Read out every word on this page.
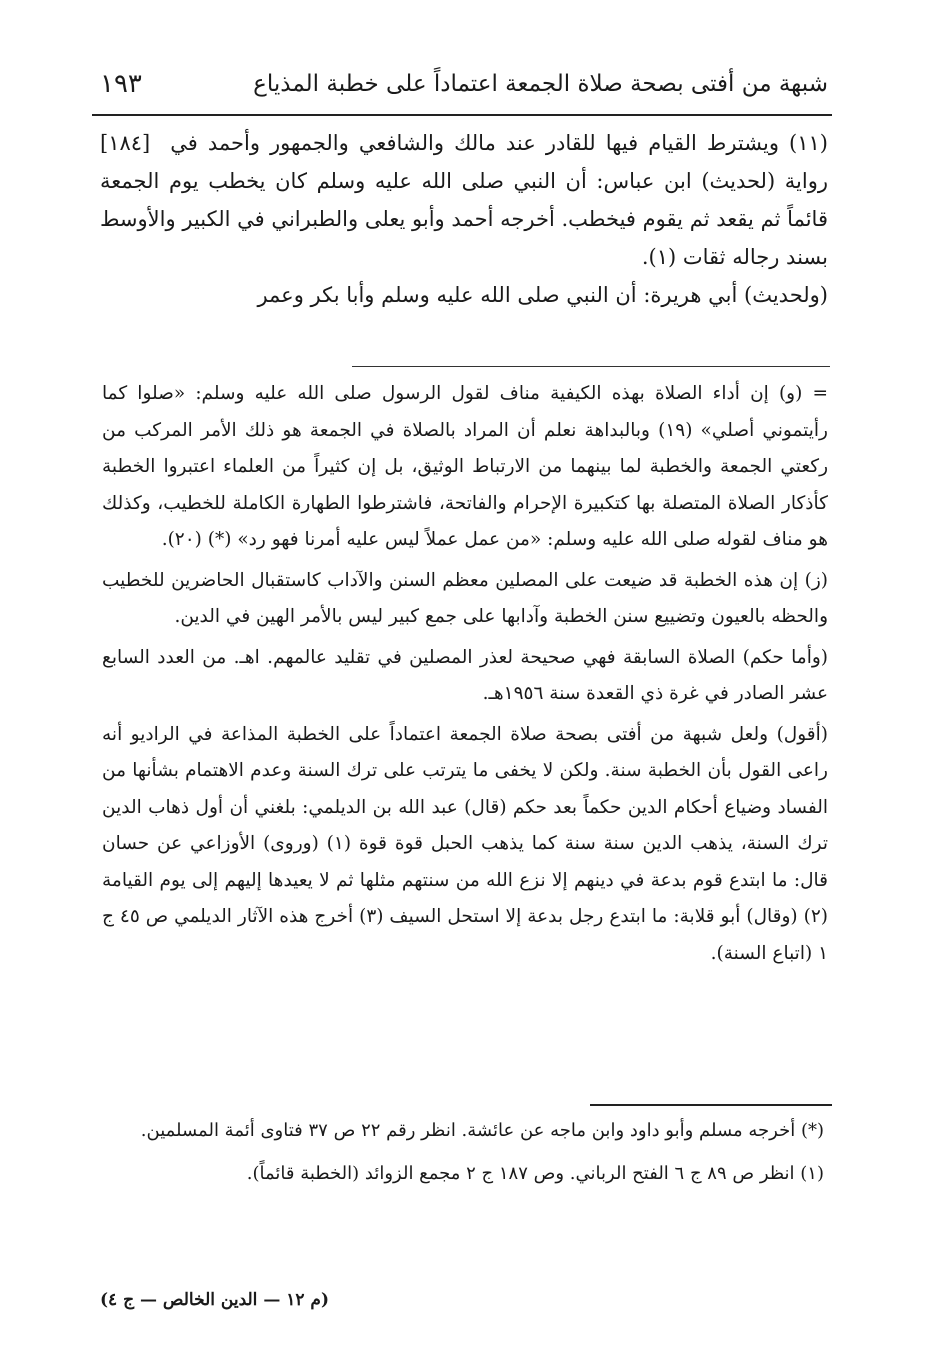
١٩٣	شبهة من أفتى بصحة صلاة الجمعة اعتماداً على خطبة المذياع

[١٨٤] (١١) ويشترط القيام فيها للقادر عند مالك والشافعي والجمهور وأحمد في رواية (لحديث) ابن عباس: أن النبي صلى الله عليه وسلم كان يخطب يوم الجمعة قائماً ثم يقعد ثم يقوم فيخطب. أخرجه أحمد وأبو يعلى والطبراني في الكبير والأوسط بسند رجاله ثقات (١).

(ولحديث) أبي هريرة: أن النبي صلى الله عليه وسلم وأبا بكر وعمر

= (و) إن أداء الصلاة بهذه الكيفية مناف لقول الرسول صلى الله عليه وسلم: «صلوا كما رأيتموني أصلي» (١٩) وبالبداهة نعلم أن المراد بالصلاة في الجمعة هو ذلك الأمر المركب من ركعتي الجمعة والخطبة لما بينهما من الارتباط الوثيق، بل إن كثيراً من العلماء اعتبروا الخطبة كأذكار الصلاة المتصلة بها كتكبيرة الإحرام والفاتحة، فاشترطوا الطهارة الكاملة للخطيب، وكذلك هو مناف لقوله صلى الله عليه وسلم: «من عمل عملاً ليس عليه أمرنا فهو رد» (*) (٢٠).

(ز) إن هذه الخطبة قد ضيعت على المصلين معظم السنن والآداب كاستقبال الحاضرين للخطيب والحظه بالعيون وتضييع سنن الخطبة وآدابها على جمع كبير ليس بالأمر الهين في الدين.

(وأما حكم) الصلاة السابقة فهي صحيحة لعذر المصلين في تقليد عالمهم. اهـ. من العدد السابع عشر الصادر في غرة ذي القعدة سنة ١٩٥٦هـ.

(أقول) ولعل شبهة من أفتى بصحة صلاة الجمعة اعتماداً على الخطبة المذاعة في الراديو أنه راعى القول بأن الخطبة سنة. ولكن لا يخفى ما يترتب على ترك السنة وعدم الاهتمام بشأنها من الفساد وضياع أحكام الدين حكماً بعد حكم (قال) عبد الله بن الديلمي: بلغني أن أول ذهاب الدين ترك السنة، يذهب الدين سنة سنة كما يذهب الحبل قوة قوة (١) (وروى) الأوزاعي عن حسان قال: ما ابتدع قوم بدعة في دينهم إلا نزع الله من سنتهم مثلها ثم لا يعيدها إليهم إلى يوم القيامة (٢) (وقال) أبو قلابة: ما ابتدع رجل بدعة إلا استحل السيف (٣) أخرج هذه الآثار الديلمي ص ٤٥ ج ١ (اتباع السنة).

(*) أخرجه مسلم وأبو داود وابن ماجه عن عائشة. انظر رقم ٢٢ ص ٣٧ فتاوى أئمة المسلمين.

(١) انظر ص ٨٩ ج ٦ الفتح الرباني. وص ١٨٧ ج ٢ مجمع الزوائد (الخطبة قائماً).

(م ١٢ — الدين الخالص — ج ٤)
